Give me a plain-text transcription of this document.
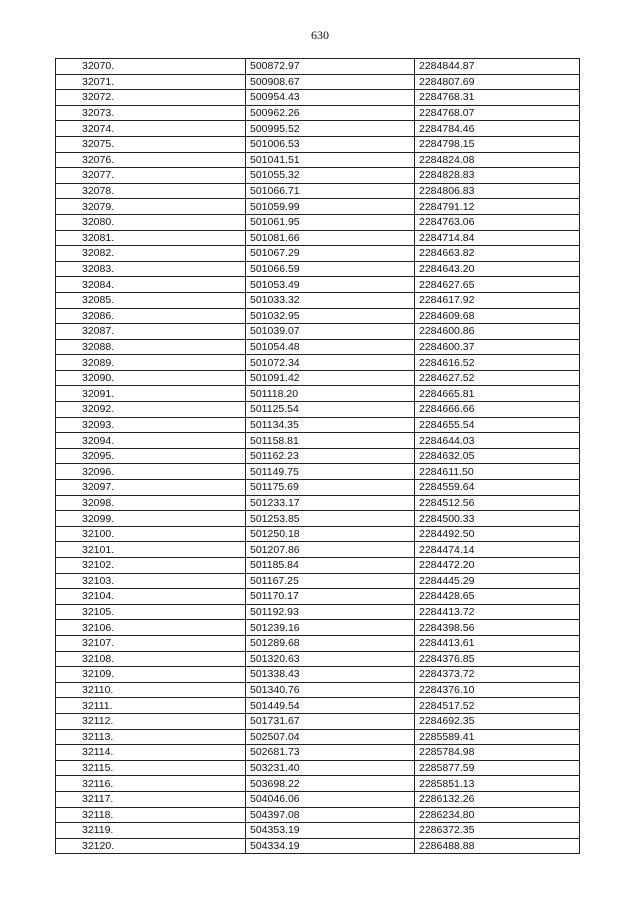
630
32070.	500872.97	2284844.87
32071.	500908.67	2284807.69
32072.	500954.43	2284768.31
32073.	500962.26	2284768.07
32074.	500995.52	2284784.46
32075.	501006.53	2284798.15
32076.	501041.51	2284824.08
32077.	501055.32	2284828.83
32078.	501066.71	2284806.83
32079.	501059.99	2284791.12
32080.	501061.95	2284763.06
32081.	501081.66	2284714.84
32082.	501067.29	2284663.82
32083.	501066.59	2284643.20
32084.	501053.49	2284627.65
32085.	501033.32	2284617.92
32086.	501032.95	2284609.68
32087.	501039.07	2284600.86
32088.	501054.48	2284600.37
32089.	501072.34	2284616.52
32090.	501091.42	2284627.52
32091.	501118.20	2284665.81
32092.	501125.54	2284666.66
32093.	501134.35	2284655.54
32094.	501158.81	2284644.03
32095.	501162.23	2284632.05
32096.	501149.75	2284611.50
32097.	501175.69	2284559.64
32098.	501233.17	2284512.56
32099.	501253.85	2284500.33
32100.	501250.18	2284492.50
32101.	501207.86	2284474.14
32102.	501185.84	2284472.20
32103.	501167.25	2284445.29
32104.	501170.17	2284428.65
32105.	501192.93	2284413.72
32106.	501239.16	2284398.56
32107.	501289.68	2284413.61
32108.	501320.63	2284376.85
32109.	501338.43	2284373.72
32110.	501340.76	2284376.10
32111.	501449.54	2284517.52
32112.	501731.67	2284692.35
32113.	502507.04	2285589.41
32114.	502681.73	2285784.98
32115.	503231.40	2285877.59
32116.	503698.22	2285851.13
32117.	504046.06	2286132.26
32118.	504397.08	2286234.80
32119.	504353.19	2286372.35
32120.	504334.19	2286488.88
